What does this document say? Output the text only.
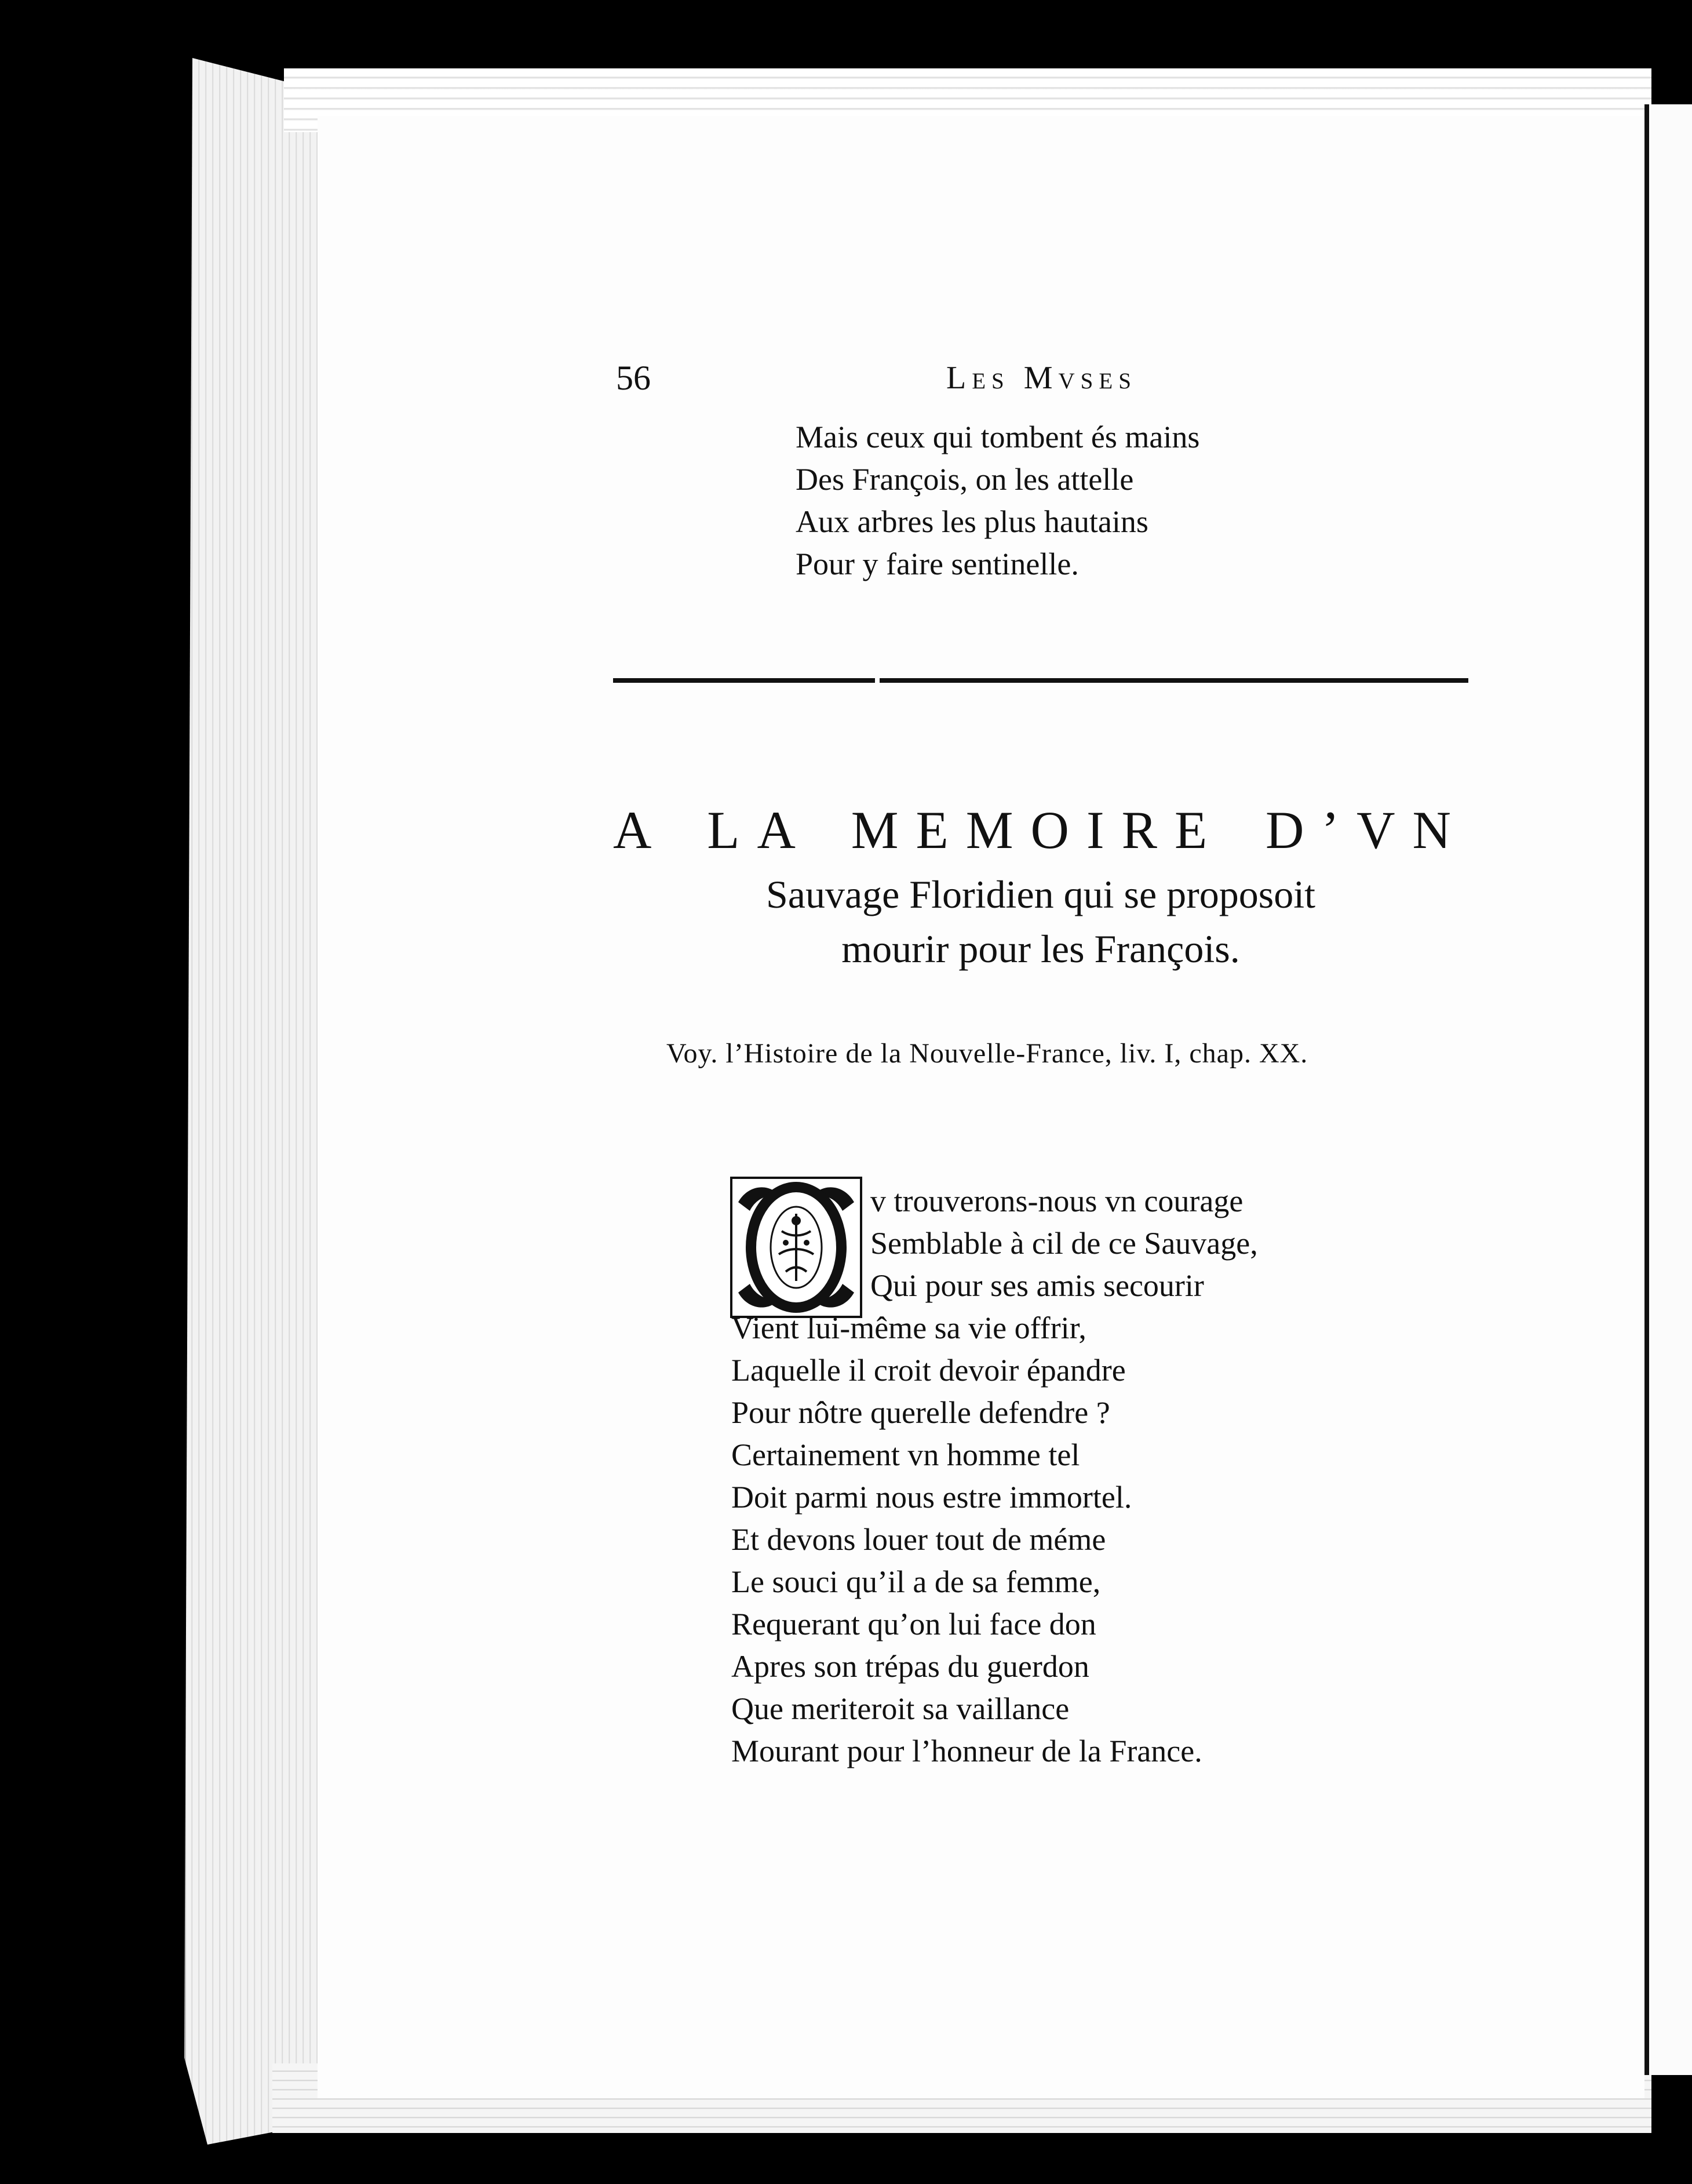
56	Les Mvses

Mais ceux qui tombent és mains

Des François, on les attelle

Aux arbres les plus hautains

Pour y faire sentinelle.

A LA MEMOIRE D’VN
Sauvage Floridien qui se proposoit
mourir pour les François.
Voy. l’Histoire de la Nouvelle-France, liv. I, chap. XX.

v trouverons-nous vn courage

Semblable à cil de ce Sauvage,

Qui pour ses amis secourir

Vient lui-même sa vie offrir,

Laquelle il croit devoir épandre

Pour nôtre querelle defendre ?

Certainement vn homme tel

Doit parmi nous estre immortel.

Et devons louer tout de méme

Le souci qu’il a de sa femme,

Requerant qu’on lui face don

Apres son trépas du guerdon

Que meriteroit sa vaillance

Mourant pour l’honneur de la France.
